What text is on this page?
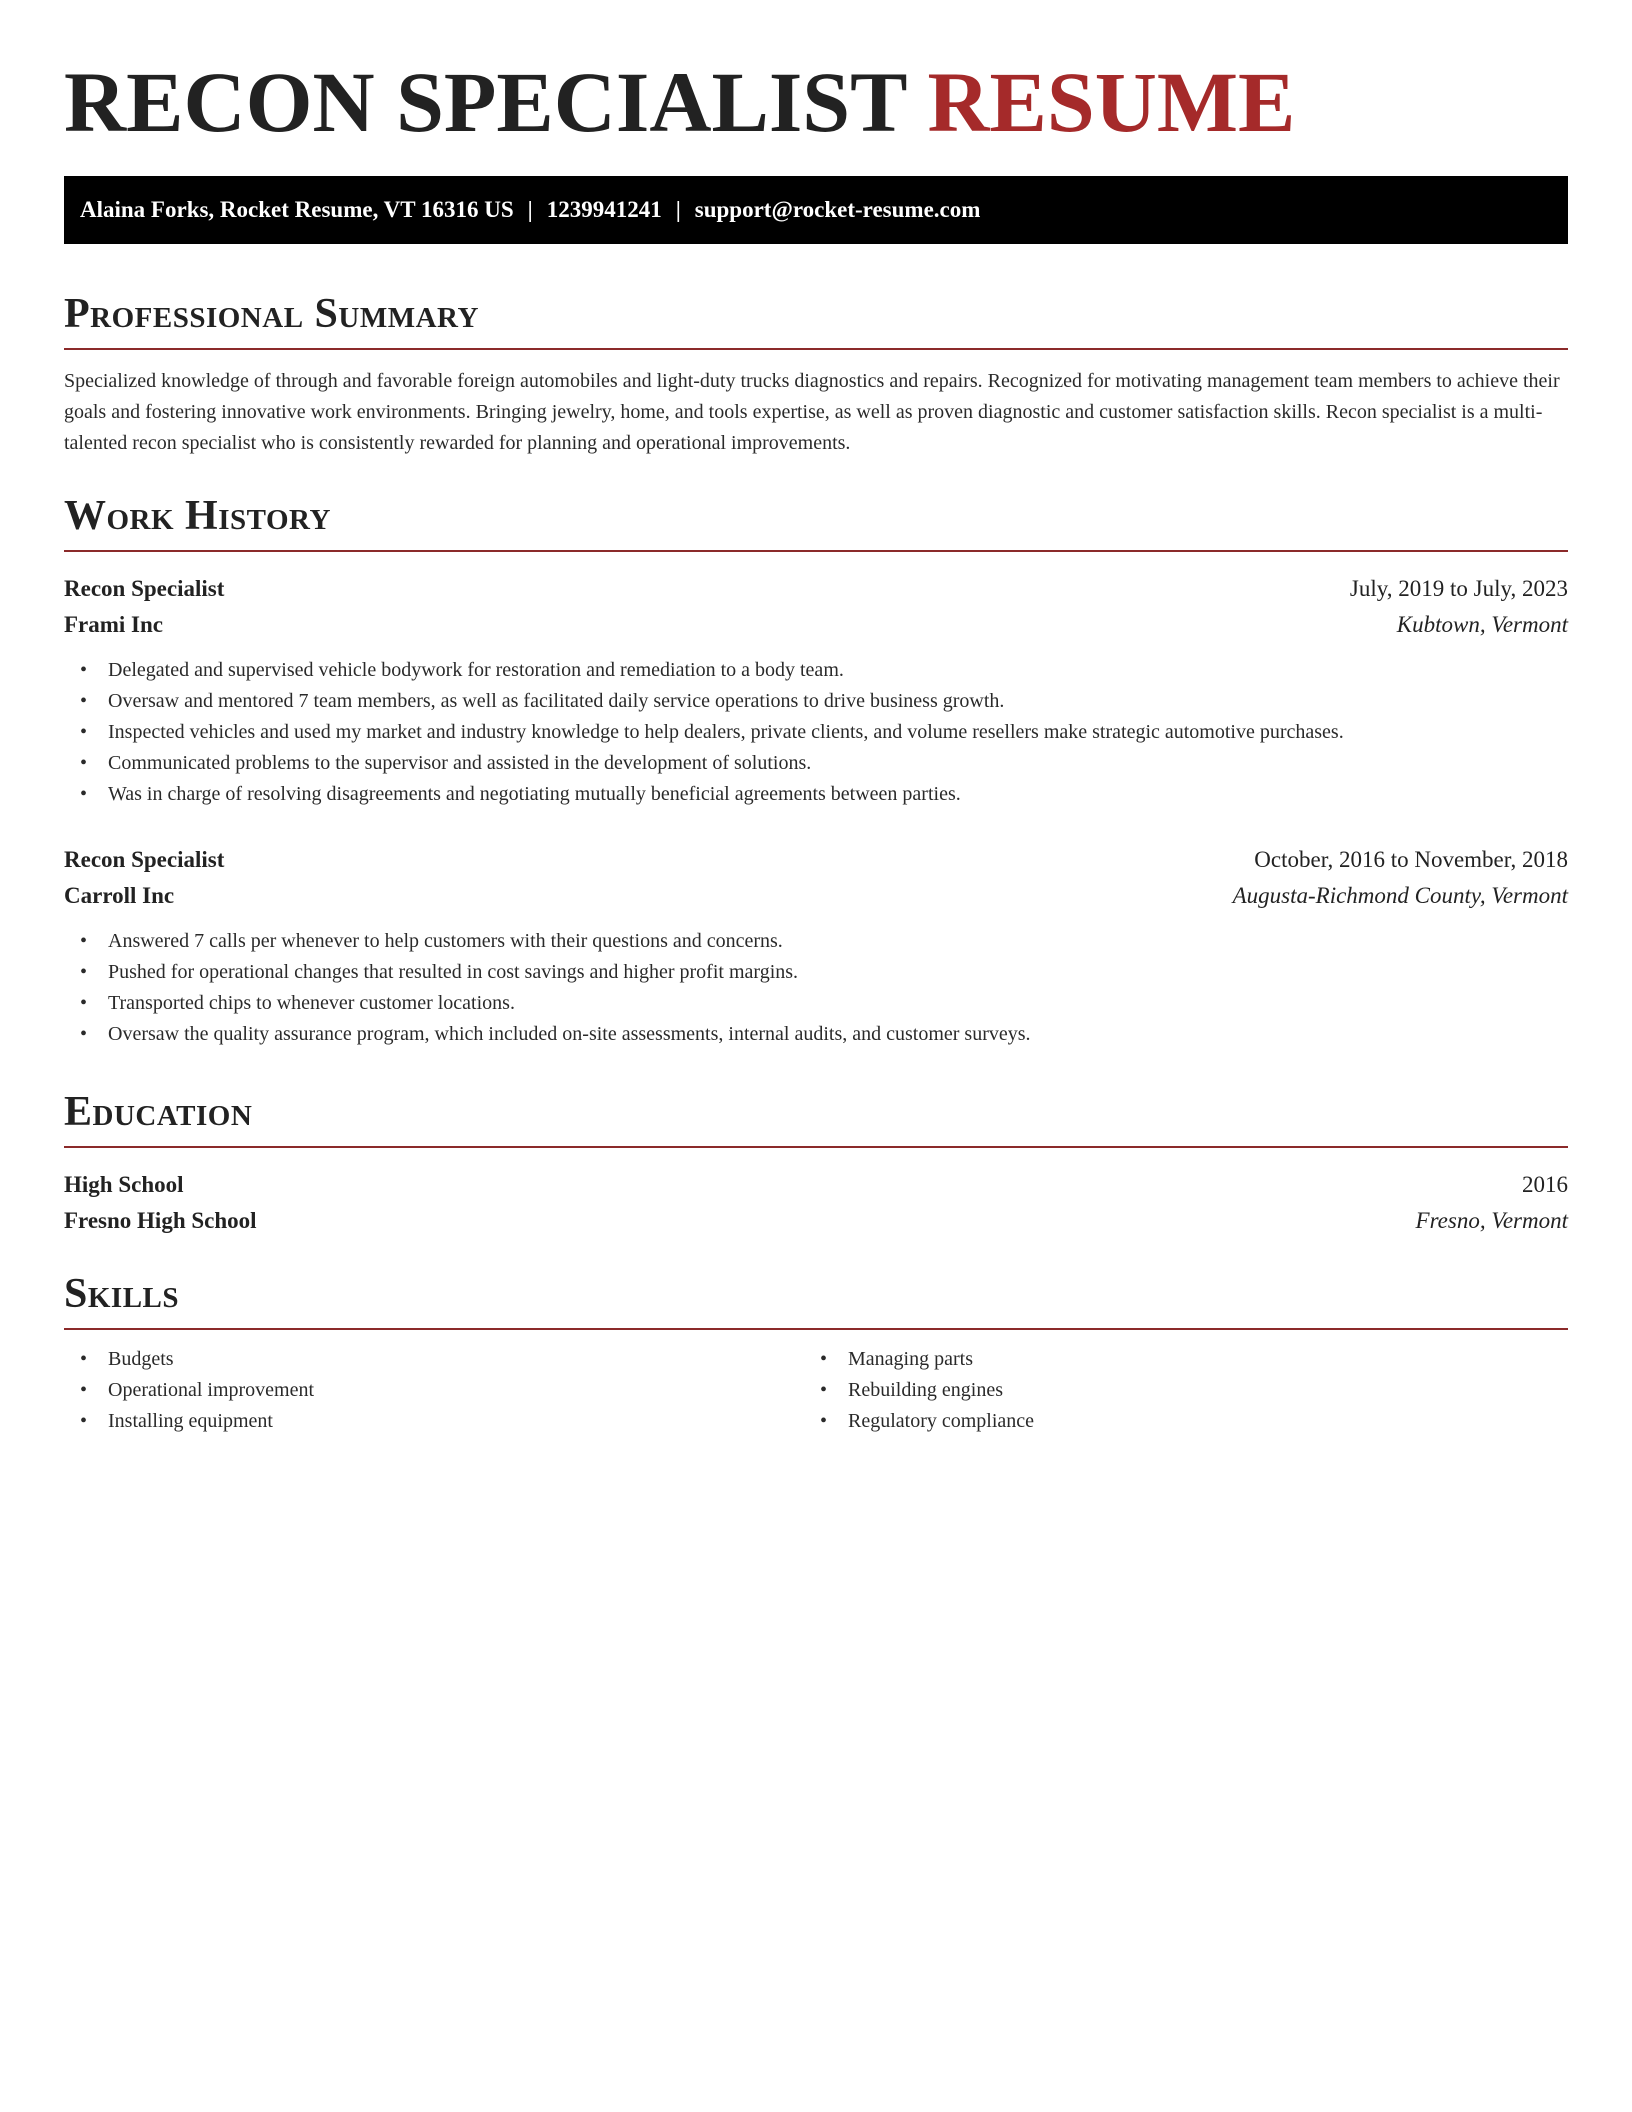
RECON SPECIALIST RESUME
Alaina Forks, Rocket Resume, VT 16316 US | 1239941241 | support@rocket-resume.com
Professional Summary

Specialized knowledge of through and favorable foreign automobiles and light-duty trucks diagnostics and repairs. Recognized for motivating management team members to achieve their goals and fostering innovative work environments. Bringing jewelry, home, and tools expertise, as well as proven diagnostic and customer satisfaction skills. Recon specialist is a multi-talented recon specialist who is consistently rewarded for planning and operational improvements.

Work History
Recon Specialist	July, 2019 to July, 2023
Frami Inc	Kubtown, Vermont
• Delegated and supervised vehicle bodywork for restoration and remediation to a body team.
• Oversaw and mentored 7 team members, as well as facilitated daily service operations to drive business growth.
• Inspected vehicles and used my market and industry knowledge to help dealers, private clients, and volume resellers make strategic automotive purchases.
• Communicated problems to the supervisor and assisted in the development of solutions.
• Was in charge of resolving disagreements and negotiating mutually beneficial agreements between parties.
Recon Specialist	October, 2016 to November, 2018
Carroll Inc	Augusta-Richmond County, Vermont
• Answered 7 calls per whenever to help customers with their questions and concerns.
• Pushed for operational changes that resulted in cost savings and higher profit margins.
• Transported chips to whenever customer locations.
• Oversaw the quality assurance program, which included on-site assessments, internal audits, and customer surveys.
Education
High School	2016
Fresno High School	Fresno, Vermont
Skills
• Budgets
• Operational improvement
• Installing equipment
• Managing parts
• Rebuilding engines
• Regulatory compliance
